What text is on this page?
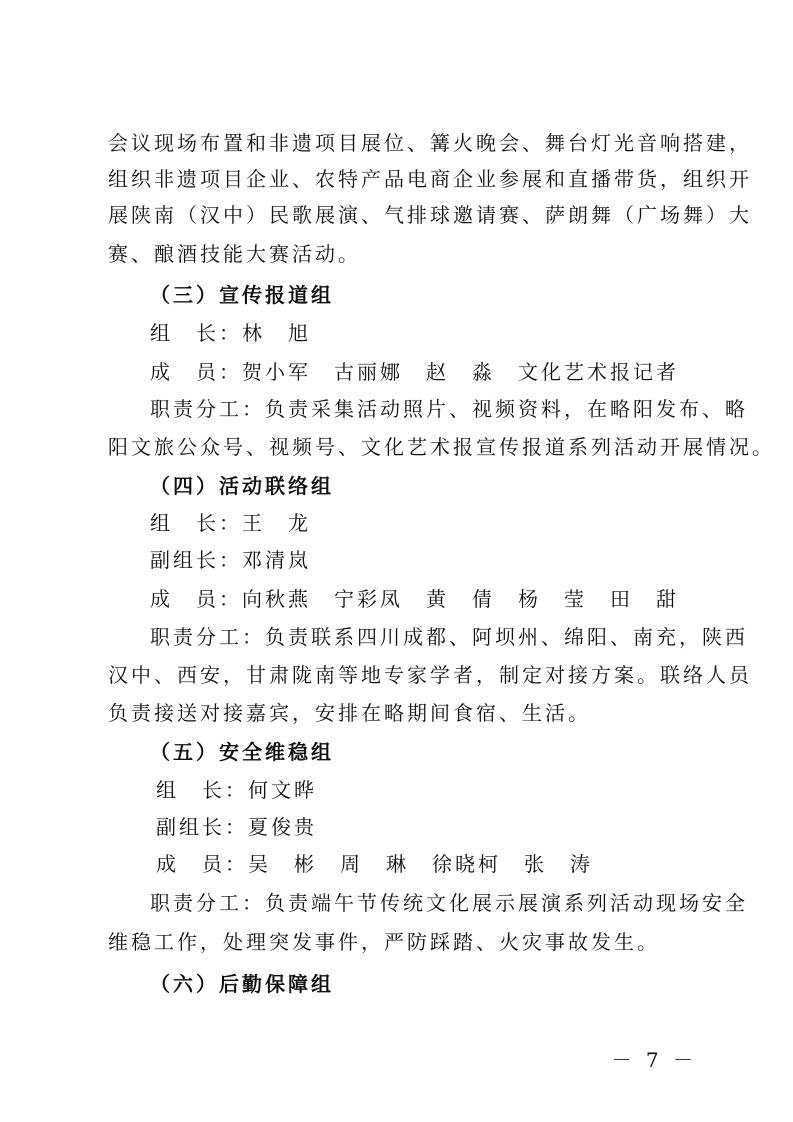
会议现场布置和非遗项目展位、篝火晚会、舞台灯光音响搭建，
组织非遗项目企业、农特产品电商企业参展和直播带货，组织开
展陕南（汉中）民歌展演、气排球邀请赛、萨朗舞（广场舞）大
赛、酿酒技能大赛活动。
（三）宣传报道组
组　长：林　旭
成　员：贺小军　古丽娜　赵　淼　文化艺术报记者
职责分工：负责采集活动照片、视频资料，在略阳发布、略
阳文旅公众号、视频号、文化艺术报宣传报道系列活动开展情况。
（四）活动联络组
组　长：王　龙
副组长：邓清岚
成　员：向秋燕　宁彩凤　黄　倩　杨　莹　田　甜
职责分工：负责联系四川成都、阿坝州、绵阳、南充，陕西
汉中、西安，甘肃陇南等地专家学者，制定对接方案。联络人员
负责接送对接嘉宾，安排在略期间食宿、生活。
（五）安全维稳组
组　长：何文晔
副组长：夏俊贵
成　员：吴　彬　周　琳　徐晓柯　张　涛
职责分工：负责端午节传统文化展示展演系列活动现场安全
维稳工作，处理突发事件，严防踩踏、火灾事故发生。
（六）后勤保障组
－ 7 －
